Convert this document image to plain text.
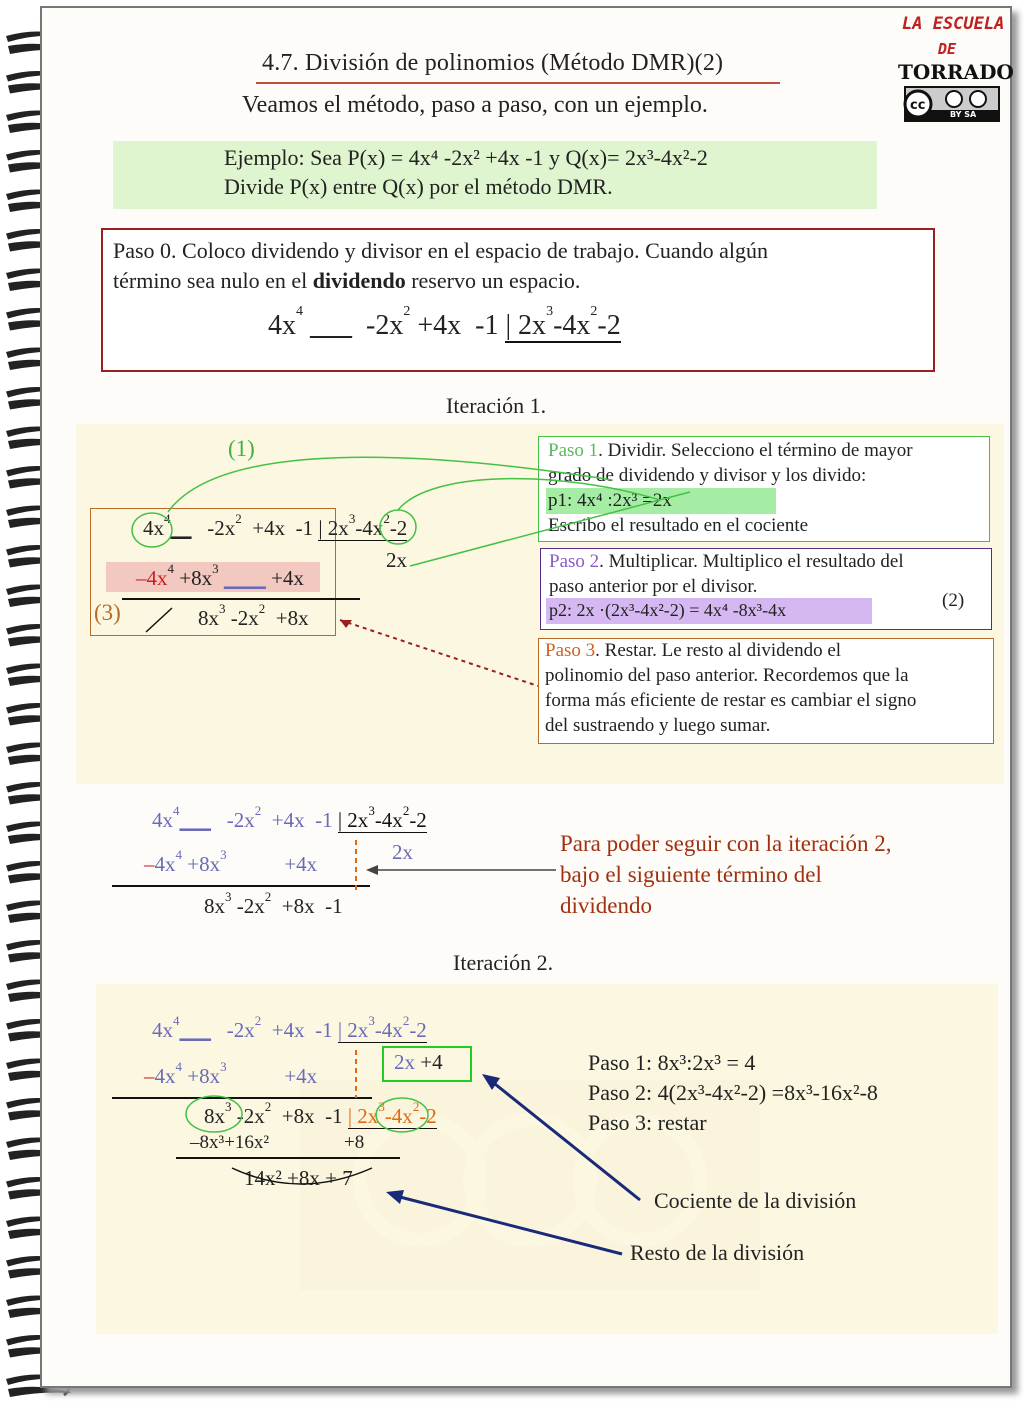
cc
LA ESCUELA
DE
TORRADO
BY SA
4.7. División de polinomios (Método DMR)(2)
Veamos el método, paso a paso, con un ejemplo.
Ejemplo: Sea P(x) = 4x⁴ -2x² +4x -1 y Q(x)= 2x³-4x²-2
Divide P(x) entre Q(x) por el método DMR.
Paso 0. Coloco dividendo y divisor en el espacio de trabajo. Cuando algún
término sea nulo en el dividendo reservo un espacio.
$4x^4$ ___  $-2x^2 +4x$  -1 | $2x^3-4x^2-2$
Iteración 1.
(1)
$4x^4\_\_$   $-2x^2 +4x$  -1 | $2x^3-4x^2-2$
2x
$-4x^4 +8x^3$ ____ +4x
(3)	$8x^3$ $-2x^2 +8x$
Paso 1. Dividir. Selecciono el término de mayor
grado de dividendo y divisor y los divido:
p1: 4x⁴ :2x³ =2x
Escribo el resultado en el cociente
Paso 2. Multiplicar. Multiplico el resultado del
paso anterior por el divisor.
p2: 2x ·(2x³-4x²-2) = 4x⁴ -8x³-4x	(2)
Paso 3. Restar. Le resto al dividendo el
polinomio del paso anterior. Recordemos que la
forma más eficiente de restar es cambiar el signo
del sustraendo y luego sumar.
$4x^4\_\_\_$   $-2x^2 +4x$  -1 | $2x^3-4x^2-2$
2x
$-4x^4 +8x^3$           +4x
$8x^3$ $-2x^2 +8x$  -1
Para poder seguir con la iteración 2,
bajo el siguiente término del
dividendo
Iteración 2.
$4x^4\_\_\_$   $-2x^2 +4x$  -1 | $2x^3-4x^2-2$
2x +4
$-4x^4 +8x^3$           +4x
$8x^3$ $-2x^2 +8x$  -1 | $2x^3-4x^2-2$
–8x³+16x²	+8
14x² +8x + 7
Paso 1: 8x³:2x³ = 4
Paso 2: 4(2x³-4x²-2) =8x³-16x²-8
Paso 3: restar
Cociente de la división
Resto de la división
